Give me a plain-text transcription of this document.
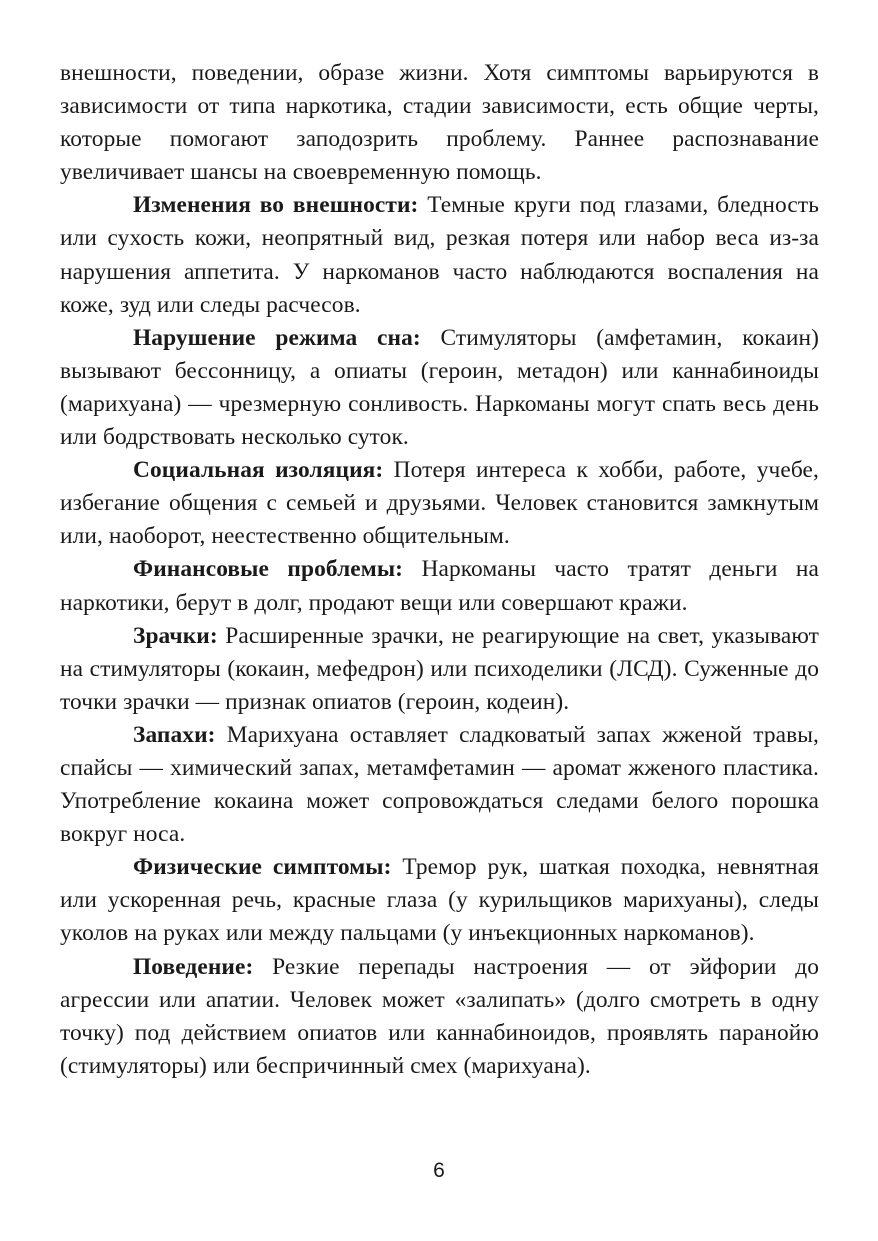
внешности, поведении, образе жизни. Хотя симптомы варьируются в зависимости от типа наркотика, стадии зависимости, есть общие черты, которые помогают заподозрить проблему. Раннее распознавание увеличивает шансы на своевременную помощь.

Изменения во внешности: Темные круги под глазами, бледность или сухость кожи, неопрятный вид, резкая потеря или набор веса из-за нарушения аппетита. У наркоманов часто наблюдаются воспаления на коже, зуд или следы расчесов.

Нарушение режима сна: Стимуляторы (амфетамин, кокаин) вызывают бессонницу, а опиаты (героин, метадон) или каннабиноиды (марихуана) — чрезмерную сонливость. Наркоманы могут спать весь день или бодрствовать несколько суток.

Социальная изоляция: Потеря интереса к хобби, работе, учебе, избегание общения с семьей и друзьями. Человек становится замкнутым или, наоборот, неестественно общительным.

Финансовые проблемы: Наркоманы часто тратят деньги на наркотики, берут в долг, продают вещи или совершают кражи.

Зрачки: Расширенные зрачки, не реагирующие на свет, указывают на стимуляторы (кокаин, мефедрон) или психоделики (ЛСД). Суженные до точки зрачки — признак опиатов (героин, кодеин).

Запахи: Марихуана оставляет сладковатый запах жженой травы, спайсы — химический запах, метамфетамин — аромат жженого пластика. Употребление кокаина может сопровождаться следами белого порошка вокруг носа.

Физические симптомы: Тремор рук, шаткая походка, невнятная или ускоренная речь, красные глаза (у курильщиков марихуаны), следы уколов на руках или между пальцами (у инъекционных наркоманов).

Поведение: Резкие перепады настроения — от эйфории до агрессии или апатии. Человек может «залипать» (долго смотреть в одну точку) под действием опиатов или каннабиноидов, проявлять паранойю (стимуляторы) или беспричинный смех (марихуана).

6
